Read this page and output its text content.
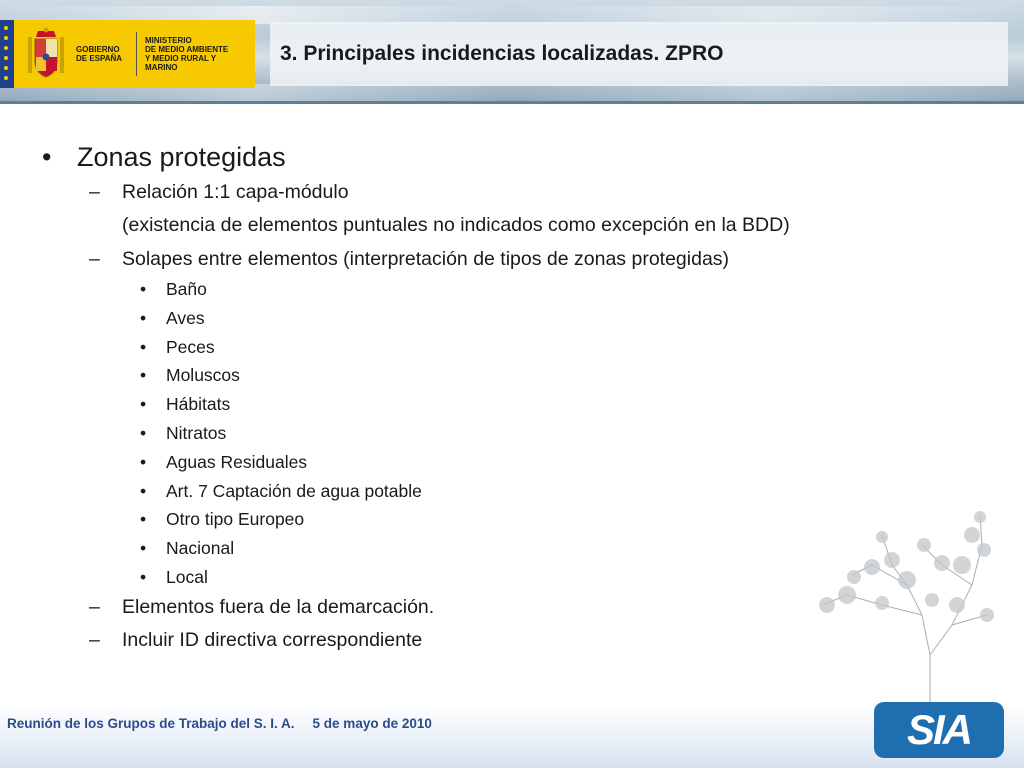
GOBIERNO
DE ESPAÑA
MINISTERIO
DE MEDIO AMBIENTE
Y MEDIO RURAL Y MARINO
3. Principales incidencias localizadas. ZPRO
• Zonas protegidas
– Relación 1:1 capa-módulo
(existencia de elementos puntuales no indicados como excepción en la BDD)
– Solapes entre elementos (interpretación de tipos de zonas protegidas)
• Baño
• Aves
• Peces
• Moluscos
• Hábitats
• Nitratos
• Aguas Residuales
• Art. 7 Captación de agua potable
• Otro tipo Europeo
• Nacional
• Local
– Elementos fuera de la demarcación.
– Incluir ID directiva correspondiente
Reunión de los Grupos de Trabajo del S. I. A. 5 de mayo de 2010	SIA
